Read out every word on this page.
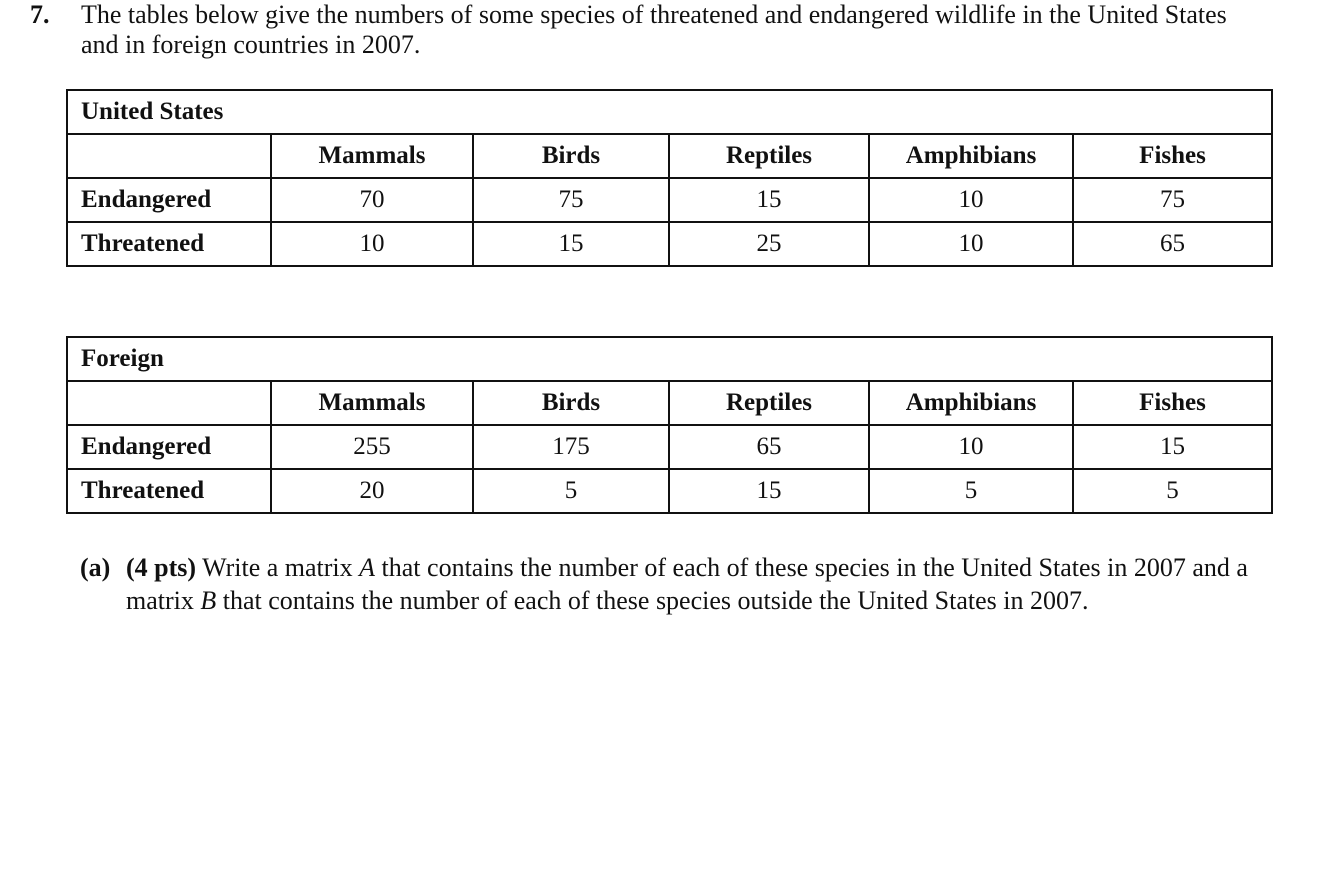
7. The tables below give the numbers of some species of threatened and endangered wildlife in the United States and in foreign countries in 2007.
United States					
	Mammals	Birds	Reptiles	Amphibians	Fishes
Endangered	70	75	15	10	75
Threatened	10	15	25	10	65
Foreign					
	Mammals	Birds	Reptiles	Amphibians	Fishes
Endangered	255	175	65	10	15
Threatened	20	5	15	5	5
(a) (4 pts) Write a matrix A that contains the number of each of these species in the United States in 2007 and a matrix B that contains the number of each of these species outside the United States in 2007.
